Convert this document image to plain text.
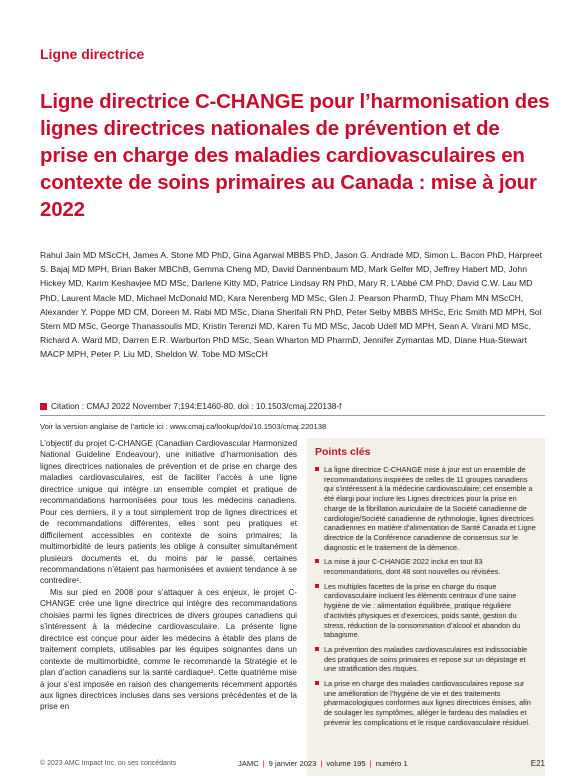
Ligne directrice
Ligne directrice C-CHANGE pour l’harmonisation des lignes directrices nationales de prévention et de prise en charge des maladies cardiovasculaires en contexte de soins primaires au Canada : mise à jour 2022
Rahul Jain MD MScCH, James A. Stone MD PhD, Gina Agarwal MBBS PhD, Jason G. Andrade MD, Simon L. Bacon PhD, Harpreet S. Bajaj MD MPH, Brian Baker MBChB, Gemma Cheng MD, David Dannenbaum MD, Mark Gelfer MD, Jeffrey Habert MD, John Hickey MD, Karim Keshavjee MD MSc, Darlene Kitty MD, Patrice Lindsay RN PhD, Mary R. L’Abbé CM PhD, David C.W. Lau MD PhD, Laurent Macle MD, Michael McDonald MD, Kara Nerenberg MD MSc, Glen J. Pearson PharmD, Thuy Pham MN MScCH, Alexander Y. Poppe MD CM, Doreen M. Rabi MD MSc, Diana Sherifali RN PhD, Peter Selby MBBS MHSc, Eric Smith MD MPH, Sol Stern MD MSc, George Thanassoulis MD, Kristin Terenzi MD, Karen Tu MD MSc, Jacob Udell MD MPH, Sean A. Virani MD MSc, Richard A. Ward MD, Darren E.R. Warburton PhD MSc, Sean Wharton MD PharmD, Jennifer Zymantas MD, Diane Hua-Stewart MACP MPH, Peter P. Liu MD, Sheldon W. Tobe MD MScCH
Citation : CMAJ 2022 November 7;194:E1460-80. doi : 10.1503/cmaj.220138-f
Voir la version anglaise de l’article ici : www.cmaj.ca/lookup/doi/10.1503/cmaj.220138

L’objectif du projet C-CHANGE (Canadian Cardiovascular Harmonized National Guideline Endeavour), une initiative d’harmonisation des lignes directrices nationales de prévention et de prise en charge des maladies cardiovasculaires, est de faciliter l’accès à une ligne directrice unique qui intègre un ensemble complet et pratique de recommandations harmonisées pour tous les médecins canadiens. Pour ces derniers, il y a tout simplement trop de lignes directrices et de recommandations différentes, elles sont peu pratiques et difficilement accessibles en contexte de soins primaires; la multimorbidité de leurs patients les oblige à consulter simultanément plusieurs documents et, du moins par le passé, certaines recommandations n’étaient pas harmonisées et avaient tendance à se contredire¹.

Mis sur pied en 2008 pour s’attaquer à ces enjeux, le projet C-CHANGE crée une ligne directrice qui intègre des recommandations choisies parmi les lignes directrices de divers groupes canadiens qui s’intéressent à la médecine cardiovasculaire. La présente ligne directrice est conçue pour aider les médecins à établir des plans de traitement complets, utilisables par les équipes soignantes dans un contexte de multimorbidité, comme le recommande la Stratégie et le plan d’action canadiens sur la santé cardiaque². Cette quatrième mise à jour s’est imposée en raison des changements récemment apportés aux lignes directrices incluses dans ses versions précédentes et de la prise en

Points clés
La ligne directrice C-CHANGE mise à jour est un ensemble de recommandations inspirées de celles de 11 groupes canadiens qui s’intéressent à la médecine cardiovasculaire; cet ensemble a été élargi pour inclure les Lignes directrices pour la prise en charge de la fibrillation auriculaire de la Société canadienne de cardiologie/Société canadienne de rythmologie, lignes directrices canadiennes en matière d’alimentation de Santé Canada et Ligne directrice de la Conférence canadienne de consensus sur le diagnostic et le traitement de la démence.
La mise à jour C-CHANGE 2022 inclut en tout 83 recommandations, dont 48 sont nouvelles ou révisées.
Les multiples facettes de la prise en charge du risque cardiovasculaire incluent les éléments centraux d’une saine hygiène de vie : alimentation équilibrée, pratique régulière d’activités physiques et d’exercices, poids santé, gestion du stress, réduction de la consommation d’alcool et abandon du tabagisme.
La prévention des maladies cardiovasculaires est indissociable des pratiques de soins primaires et repose sur un dépistage et une stratification des risques.
La prise en charge des maladies cardiovasculaires repose sur une amélioration de l’hygiène de vie et des traitements pharmacologiques conformes aux lignes directrices émises, afin de soulager les symptômes, alléger le fardeau des maladies et prévenir les complications et le risque cardiovasculaire résiduel.
© 2023 AMC Impact Inc. ou ses concédants	JAMC | 9 janvier 2023 | volume 195 | numéro 1	E21
